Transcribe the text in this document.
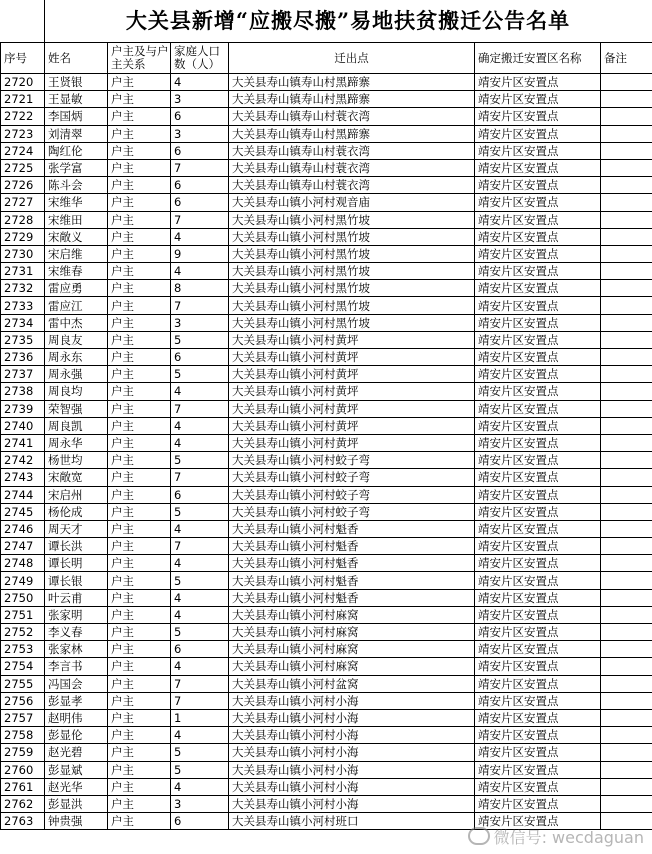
大关县新增“应搬尽搬”易地扶贫搬迁公告名单
序号	姓名	户主及与户主关系	家庭人口数（人）	迁出点	确定搬迁安置区名称	备注
2720	王贤银	户主	4	大关县寿山镇寿山村黑蹄寨	靖安片区安置点	
2721	王显敏	户主	3	大关县寿山镇寿山村黑蹄寨	靖安片区安置点	
2722	李国炳	户主	6	大关县寿山镇寿山村蓑衣湾	靖安片区安置点	
2723	刘清翠	户主	3	大关县寿山镇寿山村黑蹄寨	靖安片区安置点	
2724	陶红伦	户主	6	大关县寿山镇寿山村蓑衣湾	靖安片区安置点	
2725	张学富	户主	7	大关县寿山镇寿山村蓑衣湾	靖安片区安置点	
2726	陈斗会	户主	6	大关县寿山镇寿山村蓑衣湾	靖安片区安置点	
2727	宋维华	户主	6	大关县寿山镇小河村观音庙	靖安片区安置点	
2728	宋维田	户主	7	大关县寿山镇小河村黑竹坡	靖安片区安置点	
2729	宋敞义	户主	4	大关县寿山镇小河村黑竹坡	靖安片区安置点	
2730	宋启维	户主	9	大关县寿山镇小河村黑竹坡	靖安片区安置点	
2731	宋维春	户主	4	大关县寿山镇小河村黑竹坡	靖安片区安置点	
2732	雷应勇	户主	8	大关县寿山镇小河村黑竹坡	靖安片区安置点	
2733	雷应江	户主	7	大关县寿山镇小河村黑竹坡	靖安片区安置点	
2734	雷中杰	户主	3	大关县寿山镇小河村黑竹坡	靖安片区安置点	
2735	周良友	户主	5	大关县寿山镇小河村黄坪	靖安片区安置点	
2736	周永东	户主	6	大关县寿山镇小河村黄坪	靖安片区安置点	
2737	周永强	户主	5	大关县寿山镇小河村黄坪	靖安片区安置点	
2738	周良均	户主	4	大关县寿山镇小河村黄坪	靖安片区安置点	
2739	荣智强	户主	7	大关县寿山镇小河村黄坪	靖安片区安置点	
2740	周良凯	户主	4	大关县寿山镇小河村黄坪	靖安片区安置点	
2741	周永华	户主	4	大关县寿山镇小河村黄坪	靖安片区安置点	
2742	杨世均	户主	5	大关县寿山镇小河村蛟子弯	靖安片区安置点	
2743	宋敞宽	户主	7	大关县寿山镇小河村蛟子弯	靖安片区安置点	
2744	宋启州	户主	6	大关县寿山镇小河村蛟子弯	靖安片区安置点	
2745	杨伦成	户主	5	大关县寿山镇小河村蛟子弯	靖安片区安置点	
2746	周天才	户主	4	大关县寿山镇小河村魁香	靖安片区安置点	
2747	谭长洪	户主	7	大关县寿山镇小河村魁香	靖安片区安置点	
2748	谭长明	户主	4	大关县寿山镇小河村魁香	靖安片区安置点	
2749	谭长银	户主	5	大关县寿山镇小河村魁香	靖安片区安置点	
2750	叶云甫	户主	4	大关县寿山镇小河村魁香	靖安片区安置点	
2751	张家明	户主	4	大关县寿山镇小河村麻窝	靖安片区安置点	
2752	李义春	户主	5	大关县寿山镇小河村麻窝	靖安片区安置点	
2753	张家林	户主	6	大关县寿山镇小河村麻窝	靖安片区安置点	
2754	李言书	户主	4	大关县寿山镇小河村麻窝	靖安片区安置点	
2755	冯国会	户主	7	大关县寿山镇小河村盆窝	靖安片区安置点	
2756	彭显孝	户主	7	大关县寿山镇小河村小海	靖安片区安置点	
2757	赵明伟	户主	1	大关县寿山镇小河村小海	靖安片区安置点	
2758	彭显伦	户主	4	大关县寿山镇小河村小海	靖安片区安置点	
2759	赵光碧	户主	5	大关县寿山镇小河村小海	靖安片区安置点	
2760	彭显斌	户主	5	大关县寿山镇小河村小海	靖安片区安置点	
2761	赵光华	户主	4	大关县寿山镇小河村小海	靖安片区安置点	
2762	彭显洪	户主	3	大关县寿山镇小河村小海	靖安片区安置点	
2763	钟贵强	户主	6	大关县寿山镇小河村班口	靖安片区安置点	
微信号: wecdaguan
